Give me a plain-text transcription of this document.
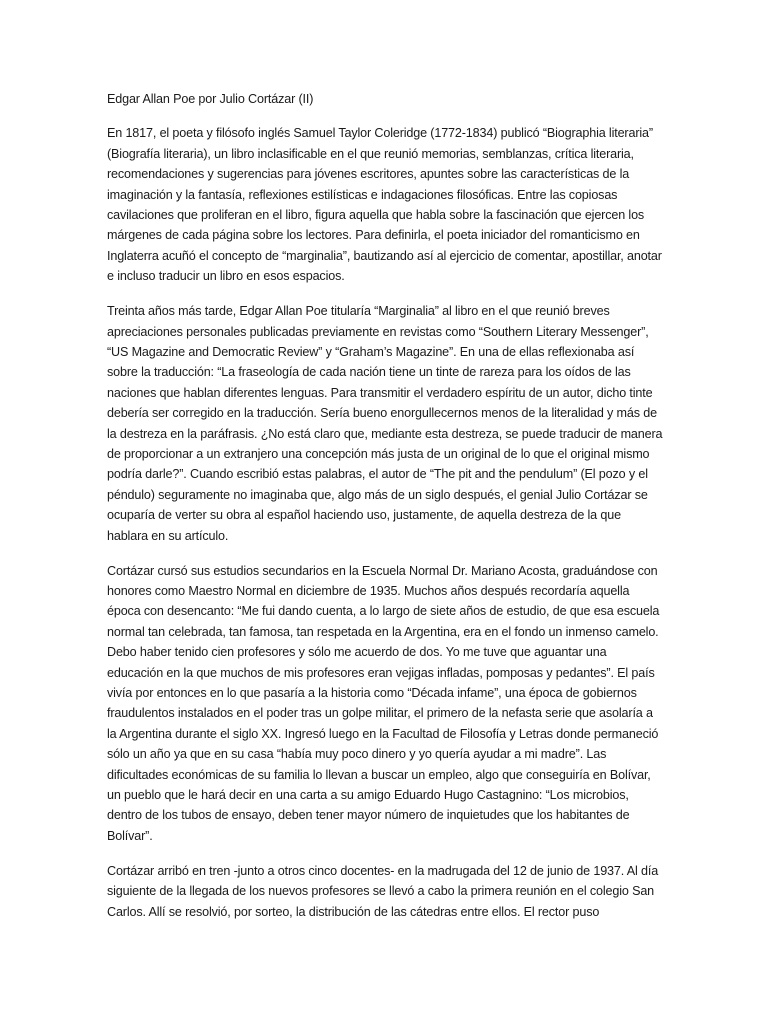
Edgar Allan Poe por Julio Cortázar (II)

En 1817, el poeta y filósofo inglés Samuel Taylor Coleridge (1772-1834) publicó “Biographia literaria” (Biografía literaria), un libro inclasificable en el que reunió memorias, semblanzas, crítica literaria, recomendaciones y sugerencias para jóvenes escritores, apuntes sobre las características de la imaginación y la fantasía, reflexiones estilísticas e indagaciones filosóficas. Entre las copiosas cavilaciones que proliferan en el libro, figura aquella que habla sobre la fascinación que ejercen los márgenes de cada página sobre los lectores. Para definirla, el poeta iniciador del romanticismo en Inglaterra acuñó el concepto de “marginalia”, bautizando así al ejercicio de comentar, apostillar, anotar e incluso traducir un libro en esos espacios.

Treinta años más tarde, Edgar Allan Poe titularía “Marginalia” al libro en el que reunió breves apreciaciones personales publicadas previamente en revistas como “Southern Literary Messenger”, “US Magazine and Democratic Review” y “Graham’s Magazine”. En una de ellas reflexionaba así sobre la traducción: “La fraseología de cada nación tiene un tinte de rareza para los oídos de las naciones que hablan diferentes lenguas. Para transmitir el verdadero espíritu de un autor, dicho tinte debería ser corregido en la traducción. Sería bueno enorgullecernos menos de la literalidad y más de la destreza en la paráfrasis. ¿No está claro que, mediante esta destreza, se puede traducir de manera de proporcionar a un extranjero una concepción más justa de un original de lo que el original mismo podría darle?”. Cuando escribió estas palabras, el autor de “The pit and the pendulum” (El pozo y el péndulo) seguramente no imaginaba que, algo más de un siglo después, el genial Julio Cortázar se ocuparía de verter su obra al español haciendo uso, justamente, de aquella destreza de la que hablara en su artículo.

Cortázar cursó sus estudios secundarios en la Escuela Normal Dr. Mariano Acosta, graduándose con honores como Maestro Normal en diciembre de 1935. Muchos años después recordaría aquella época con desencanto: “Me fui dando cuenta, a lo largo de siete años de estudio, de que esa escuela normal tan celebrada, tan famosa, tan respetada en la Argentina, era en el fondo un inmenso camelo. Debo haber tenido cien profesores y sólo me acuerdo de dos. Yo me tuve que aguantar una educación en la que muchos de mis profesores eran vejigas infladas, pomposas y pedantes”. El país vivía por entonces en lo que pasaría a la historia como “Década infame”, una época de gobiernos fraudulentos instalados en el poder tras un golpe militar, el primero de la nefasta serie que asolaría a la Argentina durante el siglo XX. Ingresó luego en la Facultad de Filosofía y Letras donde permaneció sólo un año ya que en su casa “había muy poco dinero y yo quería ayudar a mi madre”. Las dificultades económicas de su familia lo llevan a buscar un empleo, algo que conseguiría en Bolívar, un pueblo que le hará decir en una carta a su amigo Eduardo Hugo Castagnino: “Los microbios, dentro de los tubos de ensayo, deben tener mayor número de inquietudes que los habitantes de Bolívar”.

Cortázar arribó en tren -junto a otros cinco docentes- en la madrugada del 12 de junio de 1937. Al día siguiente de la llegada de los nuevos profesores se llevó a cabo la primera reunión en el colegio San Carlos. Allí se resolvió, por sorteo, la distribución de las cátedras entre ellos. El rector puso
